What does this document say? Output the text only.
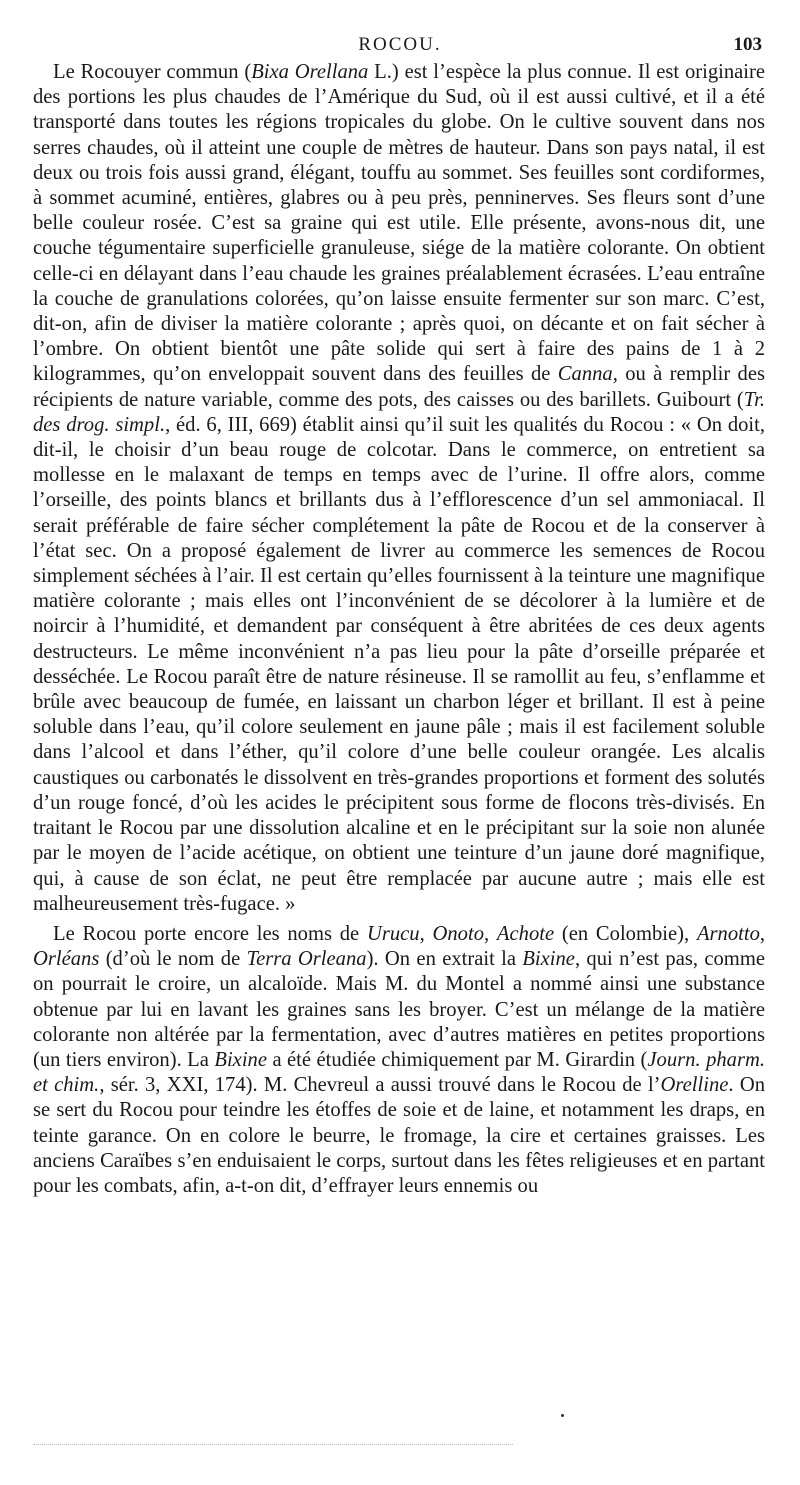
ROCOU.	103

Le Rocouyer commun (Bixa Orellana L.) est l’espèce la plus connue. Il est originaire des portions les plus chaudes de l’Amérique du Sud, où il est aussi cultivé, et il a été transporté dans toutes les régions tropicales du globe. On le cultive souvent dans nos serres chaudes, où il atteint une couple de mètres de hauteur. Dans son pays natal, il est deux ou trois fois aussi grand, élégant, touffu au sommet. Ses feuilles sont cordiformes, à sommet acuminé, entières, glabres ou à peu près, penninerves. Ses fleurs sont d’une belle couleur rosée. C’est sa graine qui est utile. Elle présente, avons-nous dit, une couche tégumentaire superficielle granuleuse, siége de la matière colorante. On obtient celle-ci en délayant dans l’eau chaude les graines préalablement écrasées. L’eau entraîne la couche de granulations colorées, qu’on laisse ensuite fermenter sur son marc. C’est, dit-on, afin de diviser la matière colorante ; après quoi, on décante et on fait sécher à l’ombre. On obtient bientôt une pâte solide qui sert à faire des pains de 1 à 2 kilogrammes, qu’on enveloppait souvent dans des feuilles de Canna, ou à remplir des récipients de nature variable, comme des pots, des caisses ou des barillets. Guibourt (Tr. des drog. simpl., éd. 6, III, 669) établit ainsi qu’il suit les qualités du Rocou : « On doit, dit-il, le choisir d’un beau rouge de colcotar. Dans le commerce, on entretient sa mollesse en le malaxant de temps en temps avec de l’urine. Il offre alors, comme l’orseille, des points blancs et brillants dus à l’efflorescence d’un sel ammoniacal. Il serait préférable de faire sécher complétement la pâte de Rocou et de la conserver à l’état sec. On a proposé également de livrer au commerce les semences de Rocou simplement séchées à l’air. Il est certain qu’elles fournissent à la teinture une magnifique matière colorante ; mais elles ont l’inconvénient de se décolorer à la lumière et de noircir à l’humidité, et demandent par conséquent à être abritées de ces deux agents destructeurs. Le même inconvénient n’a pas lieu pour la pâte d’orseille préparée et desséchée. Le Rocou paraît être de nature résineuse. Il se ramollit au feu, s’enflamme et brûle avec beaucoup de fumée, en laissant un charbon léger et brillant. Il est à peine soluble dans l’eau, qu’il colore seulement en jaune pâle ; mais il est facilement soluble dans l’alcool et dans l’éther, qu’il colore d’une belle couleur orangée. Les alcalis caustiques ou carbonatés le dissolvent en très-grandes proportions et forment des solutés d’un rouge foncé, d’où les acides le précipitent sous forme de flocons très-divisés. En traitant le Rocou par une dissolution alcaline et en le précipitant sur la soie non alunée par le moyen de l’acide acétique, on obtient une teinture d’un jaune doré magnifique, qui, à cause de son éclat, ne peut être remplacée par aucune autre ; mais elle est malheureusement très-fugace. »

Le Rocou porte encore les noms de Urucu, Onoto, Achote (en Colombie), Arnotto, Orléans (d’où le nom de Terra Orleana). On en extrait la Bixine, qui n’est pas, comme on pourrait le croire, un alcaloïde. Mais M. du Montel a nommé ainsi une substance obtenue par lui en lavant les graines sans les broyer. C’est un mélange de la matière colorante non altérée par la fermentation, avec d’autres matières en petites proportions (un tiers environ). La Bixine a été étudiée chimiquement par M. Girardin (Journ. pharm. et chim., sér. 3, XXI, 174). M. Chevreul a aussi trouvé dans le Rocou de l’Orelline. On se sert du Rocou pour teindre les étoffes de soie et de laine, et notamment les draps, en teinte garance. On en colore le beurre, le fromage, la cire et certaines graisses. Les anciens Caraïbes s’en enduisaient le corps, surtout dans les fêtes religieuses et en partant pour les combats, afin, a-t-on dit, d’effrayer leurs ennemis ou
